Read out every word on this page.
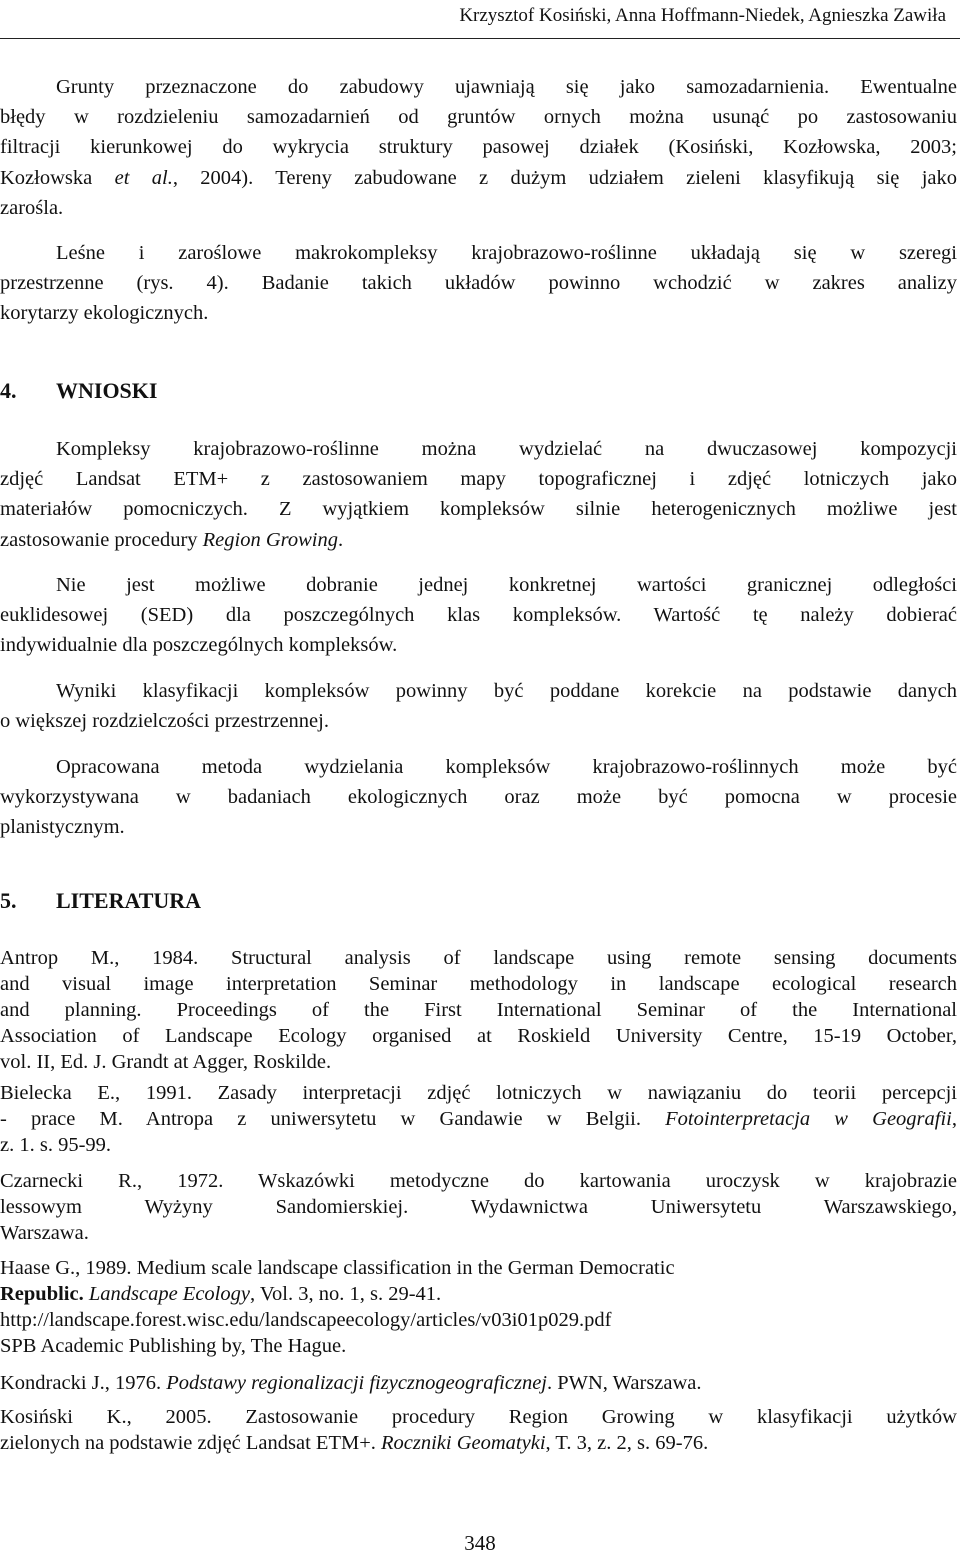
Krzysztof Kosiński, Anna Hoffmann-Niedek, Agnieszka Zawiła
Grunty przeznaczone do zabudowy ujawniają się jako samozadarnienia. Ewentualne
błędy w rozdzieleniu samozadarnień od gruntów ornych można usunąć po zastosowaniu
filtracji kierunkowej do wykrycia struktury pasowej działek (Kosiński, Kozłowska, 2003;
Kozłowska et al., 2004). Tereny zabudowane z dużym udziałem zieleni klasyfikują się jako
zarośla.
Leśne i zaroślowe makrokompleksy krajobrazowo-roślinne układają się w szeregi
przestrzenne (rys. 4). Badanie takich układów powinno wchodzić w zakres analizy
korytarzy ekologicznych.
4. WNIOSKI
Kompleksy krajobrazowo-roślinne można wydzielać na dwuczasowej kompozycji
zdjęć Landsat ETM+ z zastosowaniem mapy topograficznej i zdjęć lotniczych jako
materiałów pomocniczych. Z wyjątkiem kompleksów silnie heterogenicznych możliwe jest
zastosowanie procedury Region Growing.
Nie jest możliwe dobranie jednej konkretnej wartości granicznej odległości
euklidesowej (SED) dla poszczególnych klas kompleksów. Wartość tę należy dobierać
indywidualnie dla poszczególnych kompleksów.
Wyniki klasyfikacji kompleksów powinny być poddane korekcie na podstawie danych
o większej rozdzielczości przestrzennej.
Opracowana metoda wydzielania kompleksów krajobrazowo-roślinnych może być
wykorzystywana w badaniach ekologicznych oraz może być pomocna w procesie
planistycznym.
5. LITERATURA
Antrop M., 1984. Structural analysis of landscape using remote sensing documents
and visual image interpretation Seminar methodology in landscape ecological research
and planning. Proceedings of the First International Seminar of the International
Association of Landscape Ecology organised at Roskield University Centre, 15-19 October,
vol. II, Ed. J. Grandt at Agger, Roskilde.
Bielecka E., 1991. Zasady interpretacji zdjęć lotniczych w nawiązaniu do teorii percepcji
- prace M. Antropa z uniwersytetu w Gandawie w Belgii. Fotointerpretacja w Geografii,
z. 1. s. 95-99.
Czarnecki R., 1972. Wskazówki metodyczne do kartowania uroczysk w krajobrazie
lessowym Wyżyny Sandomierskiej. Wydawnictwa Uniwersytetu Warszawskiego,
Warszawa.
Haase G., 1989. Medium scale landscape classification in the German Democratic
Republic. Landscape Ecology, Vol. 3, no. 1, s. 29-41.
http://landscape.forest.wisc.edu/landscapeecology/articles/v03i01p029.pdf
SPB Academic Publishing by, The Hague.
Kondracki J., 1976. Podstawy regionalizacji fizycznogeograficznej. PWN, Warszawa.
Kosiński K., 2005. Zastosowanie procedury Region Growing w klasyfikacji użytków
zielonych na podstawie zdjęć Landsat ETM+. Roczniki Geomatyki, T. 3, z. 2, s. 69-76.
348
